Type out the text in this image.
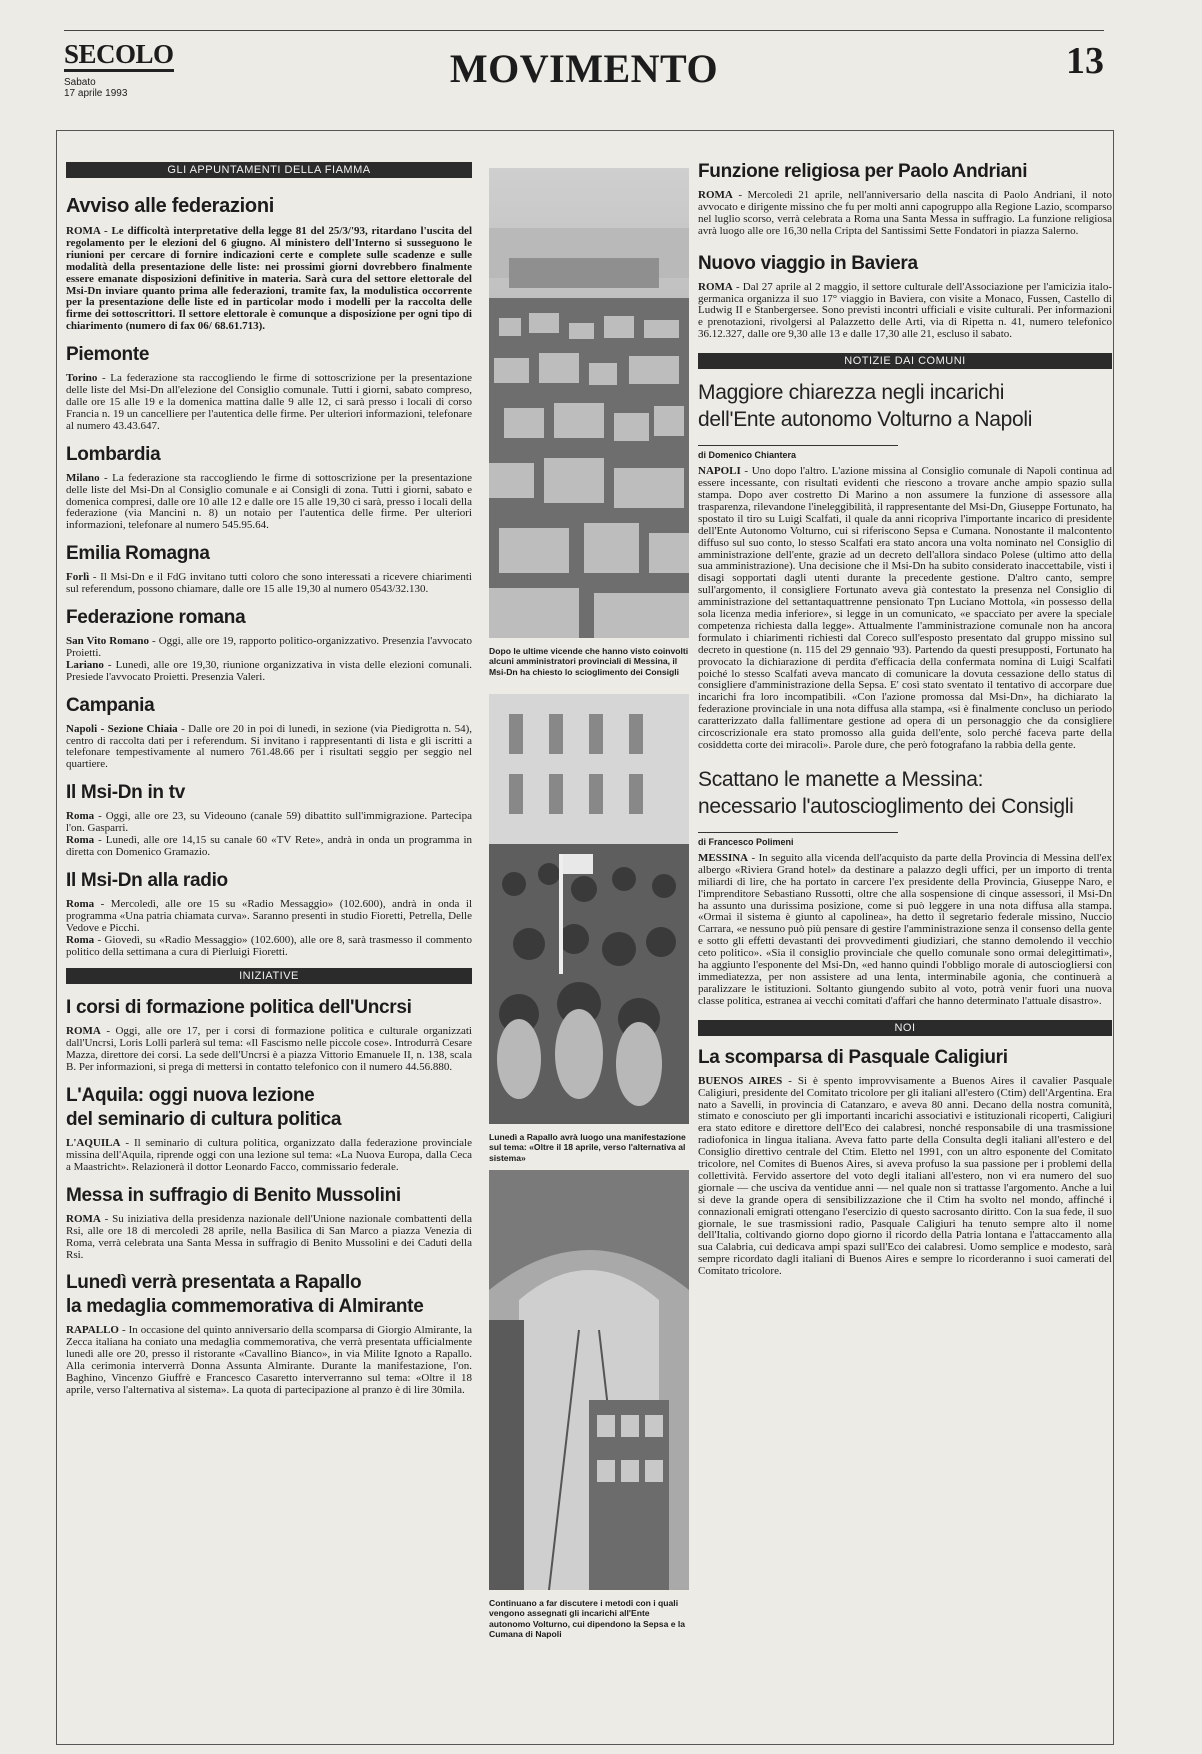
SECOLO
Sabato
17 aprile 1993
MOVIMENTO	13
GLI APPUNTAMENTI DELLA FIAMMA
Avviso alle federazioni

ROMA - Le difficoltà interpretative della legge 81 del 25/3/'93, ritardano l'uscita del regolamento per le elezioni del 6 giugno. Al ministero dell'Interno si susseguono le riunioni per cercare di fornire indicazioni certe e complete sulle scadenze e sulle modalità della presentazione delle liste: nei prossimi giorni dovrebbero finalmente essere emanate disposizioni definitive in materia. Sarà cura del settore elettorale del Msi-Dn inviare quanto prima alle federazioni, tramite fax, la modulistica occorrente per la presentazione delle liste ed in particolar modo i modelli per la raccolta delle firme dei sottoscrittori. Il settore elettorale è comunque a disposizione per ogni tipo di chiarimento (numero di fax 06/ 68.61.713).

Piemonte

Torino - La federazione sta raccogliendo le firme di sottoscrizione per la presentazione delle liste del Msi-Dn all'elezione del Consiglio comunale. Tutti i giorni, sabato compreso, dalle ore 15 alle 19 e la domenica mattina dalle 9 alle 12, ci sarà presso i locali di corso Francia n. 19 un cancelliere per l'autentica delle firme. Per ulteriori informazioni, telefonare al numero 43.43.647.

Lombardia

Milano - La federazione sta raccogliendo le firme di sottoscrizione per la presentazione delle liste del Msi-Dn al Consiglio comunale e ai Consigli di zona. Tutti i giorni, sabato e domenica compresi, dalle ore 10 alle 12 e dalle ore 15 alle 19,30 ci sarà, presso i locali della federazione (via Mancini n. 8) un notaio per l'autentica delle firme. Per ulteriori informazioni, telefonare al numero 545.95.64.

Emilia Romagna

Forlì - Il Msi-Dn e il FdG invitano tutti coloro che sono interessati a ricevere chiarimenti sul referendum, possono chiamare, dalle ore 15 alle 19,30 al numero 0543/32.130.

Federazione romana

San Vito Romano - Oggi, alle ore 19, rapporto politico-organizzativo. Presenzia l'avvocato Proietti.
Lariano - Lunedì, alle ore 19,30, riunione organizzativa in vista delle elezioni comunali. Presiede l'avvocato Proietti. Presenzia Valeri.

Campania

Napoli - Sezione Chiaia - Dalle ore 20 in poi di lunedì, in sezione (via Piedigrotta n. 54), centro di raccolta dati per i referendum. Si invitano i rappresentanti di lista e gli iscritti a telefonare tempestivamente al numero 761.48.66 per i risultati seggio per seggio nel quartiere.

Il Msi-Dn in tv

Roma - Oggi, alle ore 23, su Videouno (canale 59) dibattito sull'immigrazione. Partecipa l'on. Gasparri.
Roma - Lunedì, alle ore 14,15 su canale 60 «TV Rete», andrà in onda un programma in diretta con Domenico Gramazio.

Il Msi-Dn alla radio

Roma - Mercoledì, alle ore 15 su «Radio Messaggio» (102.600), andrà in onda il programma «Una patria chiamata curva». Saranno presenti in studio Fioretti, Petrella, Delle Vedove e Picchi.
Roma - Giovedì, su «Radio Messaggio» (102.600), alle ore 8, sarà trasmesso il commento politico della settimana a cura di Pierluigi Fioretti.

INIZIATIVE
I corsi di formazione politica dell'Uncrsi

ROMA - Oggi, alle ore 17, per i corsi di formazione politica e culturale organizzati dall'Uncrsi, Loris Lolli parlerà sul tema: «Il Fascismo nelle piccole cose». Introdurrà Cesare Mazza, direttore dei corsi. La sede dell'Uncrsi è a piazza Vittorio Emanuele II, n. 138, scala B. Per informazioni, si prega di mettersi in contatto telefonico con il numero 44.56.880.

L'Aquila: oggi nuova lezione
del seminario di cultura politica

L'AQUILA - Il seminario di cultura politica, organizzato dalla federazione provinciale missina dell'Aquila, riprende oggi con una lezione sul tema: «La Nuova Europa, dalla Ceca a Maastricht». Relazionerà il dottor Leonardo Facco, commissario federale.

Messa in suffragio di Benito Mussolini

ROMA - Su iniziativa della presidenza nazionale dell'Unione nazionale combattenti della Rsi, alle ore 18 di mercoledì 28 aprile, nella Basilica di San Marco a piazza Venezia di Roma, verrà celebrata una Santa Messa in suffragio di Benito Mussolini e dei Caduti della Rsi.

Lunedì verrà presentata a Rapallo
la medaglia commemorativa di Almirante

RAPALLO - In occasione del quinto anniversario della scomparsa di Giorgio Almirante, la Zecca italiana ha coniato una medaglia commemorativa, che verrà presentata ufficialmente lunedì alle ore 20, presso il ristorante «Cavallino Bianco», in via Milite Ignoto a Rapallo. Alla cerimonia interverrà Donna Assunta Almirante. Durante la manifestazione, l'on. Baghino, Vincenzo Giuffrè e Francesco Casaretto interverranno sul tema: «Oltre il 18 aprile, verso l'alternativa al sistema». La quota di partecipazione al pranzo è di lire 30mila.

Dopo le ultime vicende che hanno visto coinvolti alcuni amministratori provinciali di Messina, il Msi-Dn ha chiesto lo scioglimento dei Consigli
Lunedì a Rapallo avrà luogo una manifestazione sul tema: «Oltre il 18 aprile, verso l'alternativa al sistema»
Continuano a far discutere i metodi con i quali vengono assegnati gli incarichi all'Ente autonomo Volturno, cui dipendono la Sepsa e la Cumana di Napoli
Funzione religiosa per Paolo Andriani

ROMA - Mercoledì 21 aprile, nell'anniversario della nascita di Paolo Andriani, il noto avvocato e dirigente missino che fu per molti anni capogruppo alla Regione Lazio, scomparso nel luglio scorso, verrà celebrata a Roma una Santa Messa in suffragio. La funzione religiosa avrà luogo alle ore 16,30 nella Cripta del Santissimi Sette Fondatori in piazza Salerno.

Nuovo viaggio in Baviera

ROMA - Dal 27 aprile al 2 maggio, il settore culturale dell'Associazione per l'amicizia italo-germanica organizza il suo 17° viaggio in Baviera, con visite a Monaco, Fussen, Castello di Ludwig II e Stanbergersee. Sono previsti incontri ufficiali e visite culturali. Per informazioni e prenotazioni, rivolgersi al Palazzetto delle Arti, via di Ripetta n. 41, numero telefonico 36.12.327, dalle ore 9,30 alle 13 e dalle 17,30 alle 21, escluso il sabato.

NOTIZIE DAI COMUNI
Maggiore chiarezza negli incarichi
dell'Ente autonomo Volturno a Napoli
di Domenico Chiantera

NAPOLI - Uno dopo l'altro. L'azione missina al Consiglio comunale di Napoli continua ad essere incessante, con risultati evidenti che riescono a trovare anche ampio spazio sulla stampa. Dopo aver costretto Di Marino a non assumere la funzione di assessore alla trasparenza, rilevandone l'ineleggibilità, il rappresentante del Msi-Dn, Giuseppe Fortunato, ha spostato il tiro su Luigi Scalfati, il quale da anni ricopriva l'importante incarico di presidente dell'Ente Autonomo Volturno, cui si riferiscono Sepsa e Cumana. Nonostante il malcontento diffuso sul suo conto, lo stesso Scalfati era stato ancora una volta nominato nel Consiglio di amministrazione dell'ente, grazie ad un decreto dell'allora sindaco Polese (ultimo atto della sua amministrazione). Una decisione che il Msi-Dn ha subito considerato inaccettabile, visti i disagi sopportati dagli utenti durante la precedente gestione. D'altro canto, sempre sull'argomento, il consigliere Fortunato aveva già contestato la presenza nel Consiglio di amministrazione del settantaquattrenne pensionato Tpn Luciano Mottola, «in possesso della sola licenza media inferiore», si legge in un comunicato, «e spacciato per avere la speciale competenza richiesta dalla legge». Attualmente l'amministrazione comunale non ha ancora formulato i chiarimenti richiesti dal Coreco sull'esposto presentato dal gruppo missino sul decreto in questione (n. 115 del 29 gennaio '93). Partendo da questi presupposti, Fortunato ha provocato la dichiarazione di perdita d'efficacia della confermata nomina di Luigi Scalfati poiché lo stesso Scalfati aveva mancato di comunicare la dovuta cessazione dello status di consigliere d'amministrazione della Sepsa. E' così stato sventato il tentativo di accorpare due incarichi fra loro incompatibili. «Con l'azione promossa dal Msi-Dn», ha dichiarato la federazione provinciale in una nota diffusa alla stampa, «si è finalmente concluso un periodo caratterizzato dalla fallimentare gestione ad opera di un personaggio che da consigliere circoscrizionale era stato promosso alla guida dell'ente, solo perché faceva parte della cosiddetta corte dei miracoli». Parole dure, che però fotografano la rabbia della gente.

Scattano le manette a Messina:
necessario l'autoscioglimento dei Consigli
di Francesco Polimeni

MESSINA - In seguito alla vicenda dell'acquisto da parte della Provincia di Messina dell'ex albergo «Riviera Grand hotel» da destinare a palazzo degli uffici, per un importo di trenta miliardi di lire, che ha portato in carcere l'ex presidente della Provincia, Giuseppe Naro, e l'imprenditore Sebastiano Russotti, oltre che alla sospensione di cinque assessori, il Msi-Dn ha assunto una durissima posizione, come si può leggere in una nota diffusa alla stampa. «Ormai il sistema è giunto al capolinea», ha detto il segretario federale missino, Nuccio Carrara, «e nessuno può più pensare di gestire l'amministrazione senza il consenso della gente e sotto gli effetti devastanti dei provvedimenti giudiziari, che stanno demolendo il vecchio ceto politico». «Sia il consiglio provinciale che quello comunale sono ormai delegittimati», ha aggiunto l'esponente del Msi-Dn, «ed hanno quindi l'obbligo morale di autosciogliersi con immediatezza, per non assistere ad una lenta, interminabile agonia, che continuerà a paralizzare le istituzioni. Soltanto giungendo subito al voto, potrà venir fuori una nuova classe politica, estranea ai vecchi comitati d'affari che hanno determinato l'attuale disastro».

NOI
La scomparsa di Pasquale Caligiuri

BUENOS AIRES - Si è spento improvvisamente a Buenos Aires il cavalier Pasquale Caligiuri, presidente del Comitato tricolore per gli italiani all'estero (Ctim) dell'Argentina. Era nato a Savelli, in provincia di Catanzaro, e aveva 80 anni. Decano della nostra comunità, stimato e conosciuto per gli importanti incarichi associativi e istituzionali ricoperti, Caligiuri era stato editore e direttore dell'Eco dei calabresi, nonché responsabile di una trasmissione radiofonica in lingua italiana. Aveva fatto parte della Consulta degli italiani all'estero e del Consiglio direttivo centrale del Ctim. Eletto nel 1991, con un altro esponente del Comitato tricolore, nel Comites di Buenos Aires, si aveva profuso la sua passione per i problemi della collettività. Fervido assertore del voto degli italiani all'estero, non vi era numero del suo giornale — che usciva da ventidue anni — nel quale non si trattasse l'argomento. Anche a lui si deve la grande opera di sensibilizzazione che il Ctim ha svolto nel mondo, affinché i connazionali emigrati ottengano l'esercizio di questo sacrosanto diritto. Con la sua fede, il suo giornale, le sue trasmissioni radio, Pasquale Caligiuri ha tenuto sempre alto il nome dell'Italia, coltivando giorno dopo giorno il ricordo della Patria lontana e l'attaccamento alla sua Calabria, cui dedicava ampi spazi sull'Eco dei calabresi. Uomo semplice e modesto, sarà sempre ricordato dagli italiani di Buenos Aires e sempre lo ricorderanno i suoi camerati del Comitato tricolore.
